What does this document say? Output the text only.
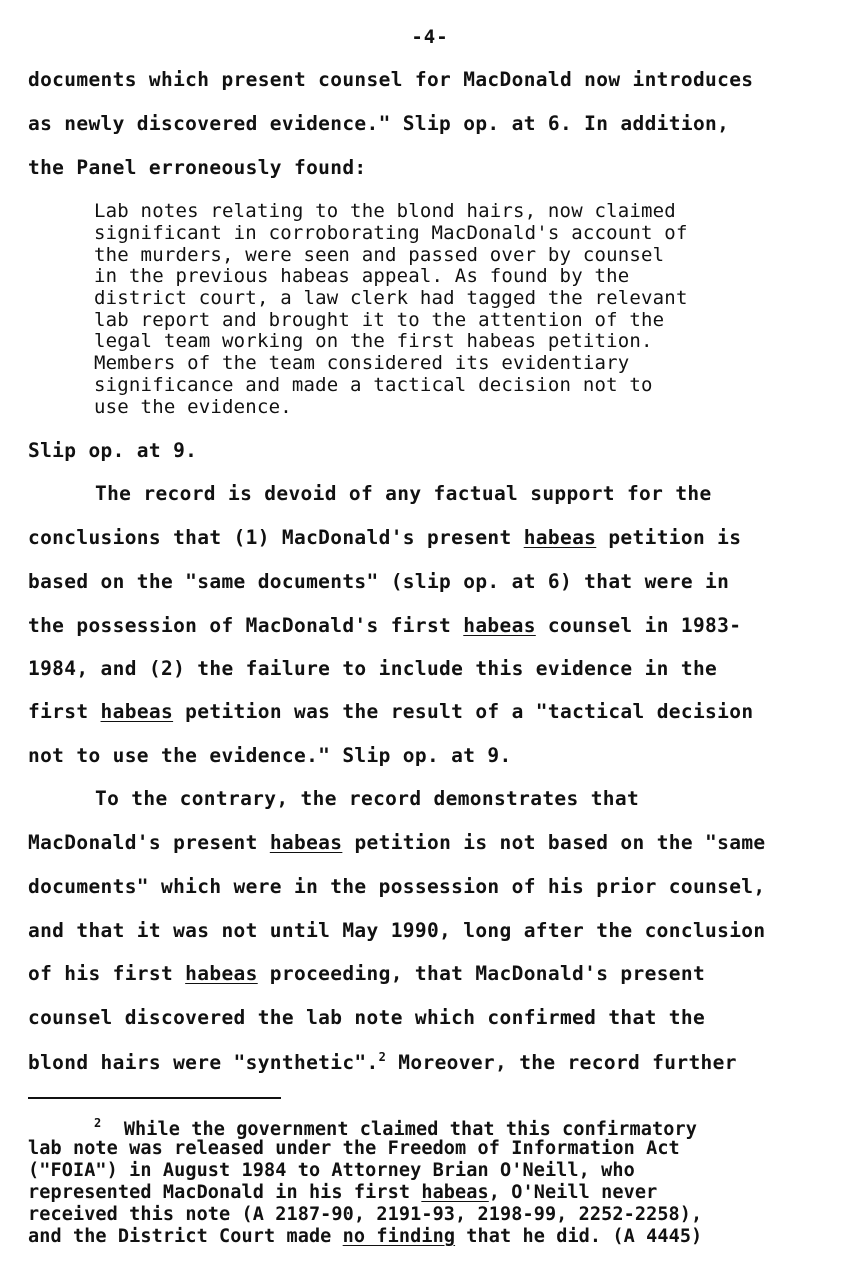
-4-
documents which present counsel for MacDonald now introduces
as newly discovered evidence." Slip op. at 6. In addition,
the Panel erroneously found:
Lab notes relating to the blond hairs, now claimed
significant in corroborating MacDonald's account of
the murders, were seen and passed over by counsel
in the previous habeas appeal. As found by the
district court, a law clerk had tagged the relevant
lab report and brought it to the attention of the
legal team working on the first habeas petition.
Members of the team considered its evidentiary
significance and made a tactical decision not to
use the evidence.
Slip op. at 9.
The record is devoid of any factual support for the
conclusions that (1) MacDonald's present habeas petition is
based on the "same documents" (slip op. at 6) that were in
the possession of MacDonald's first habeas counsel in 1983-
1984, and (2) the failure to include this evidence in the
first habeas petition was the result of a "tactical decision
not to use the evidence." Slip op. at 9.
To the contrary, the record demonstrates that
MacDonald's present habeas petition is not based on the "same
documents" which were in the possession of his prior counsel,
and that it was not until May 1990, long after the conclusion
of his first habeas proceeding, that MacDonald's present
counsel discovered the lab note which confirmed that the
blond hairs were "synthetic".$^2$ Moreover, the record further
$^2$ While the government claimed that this confirmatory
lab note was released under the Freedom of Information Act
("FOIA") in August 1984 to Attorney Brian O'Neill, who
represented MacDonald in his first habeas, O'Neill never
received this note (A 2187-90, 2191-93, 2198-99, 2252-2258),
and the District Court made no finding that he did. (A 4445)
